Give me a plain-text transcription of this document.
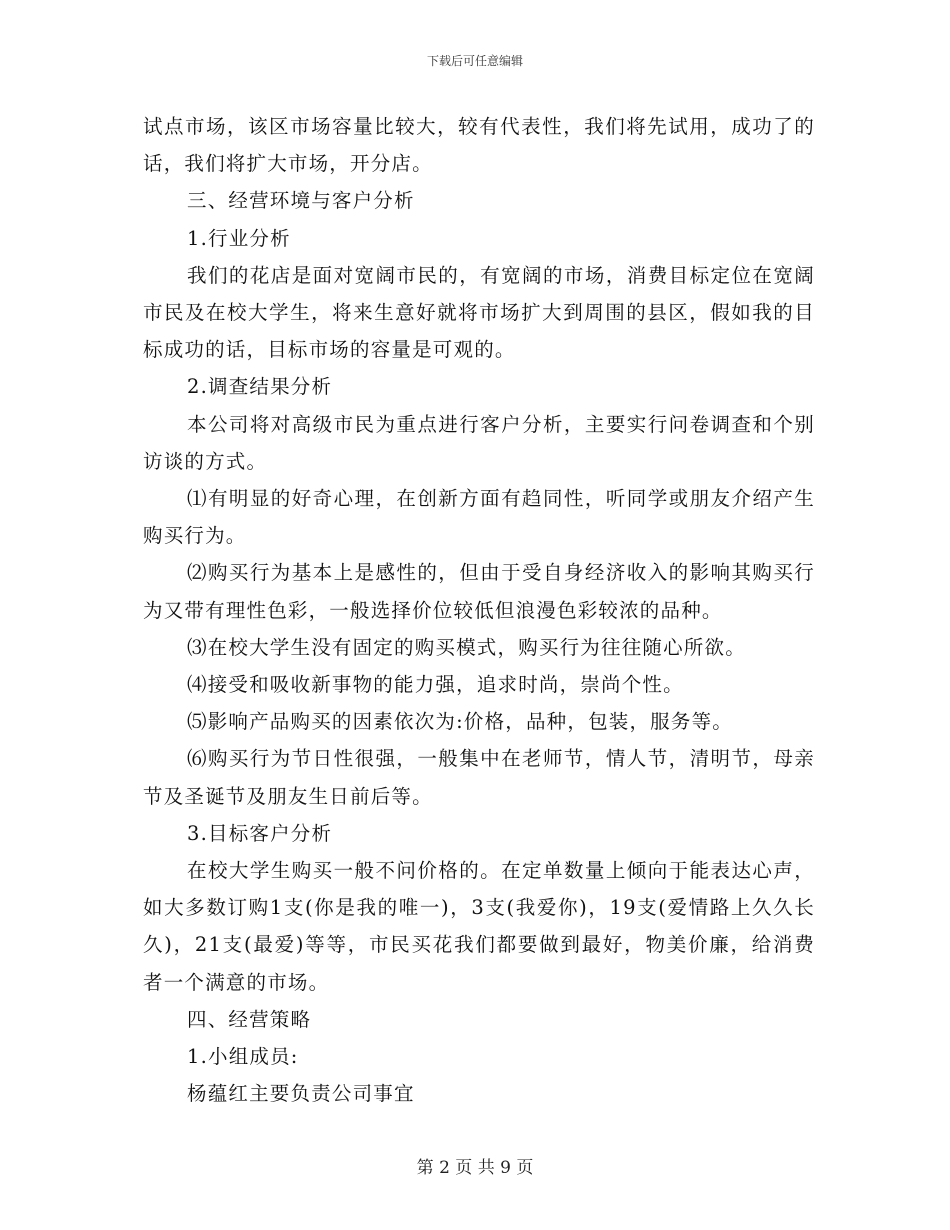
下载后可任意编辑

试点市场，该区市场容量比较大，较有代表性，我们将先试用，成功了的话，我们将扩大市场，开分店。

三、经营环境与客户分析

1.行业分析

我们的花店是面对宽阔市民的，有宽阔的市场，消费目标定位在宽阔市民及在校大学生，将来生意好就将市场扩大到周围的县区，假如我的目标成功的话，目标市场的容量是可观的。

2.调查结果分析

本公司将对高级市民为重点进行客户分析，主要实行问卷调查和个别访谈的方式。

⑴有明显的好奇心理，在创新方面有趋同性，听同学或朋友介绍产生购买行为。

⑵购买行为基本上是感性的，但由于受自身经济收入的影响其购买行为又带有理性色彩，一般选择价位较低但浪漫色彩较浓的品种。

⑶在校大学生没有固定的购买模式，购买行为往往随心所欲。

⑷接受和吸收新事物的能力强，追求时尚，崇尚个性。

⑸影响产品购买的因素依次为:价格，品种，包装，服务等。

⑹购买行为节日性很强，一般集中在老师节，情人节，清明节，母亲节及圣诞节及朋友生日前后等。

3.目标客户分析

在校大学生购买一般不问价格的。在定单数量上倾向于能表达心声，如大多数订购1支(你是我的唯一)，3支(我爱你)，19支(爱情路上久久长久)，21支(最爱)等等，市民买花我们都要做到最好，物美价廉，给消费者一个满意的市场。

四、经营策略

1.小组成员:

杨蕴红主要负责公司事宜

第 2 页 共 9 页
